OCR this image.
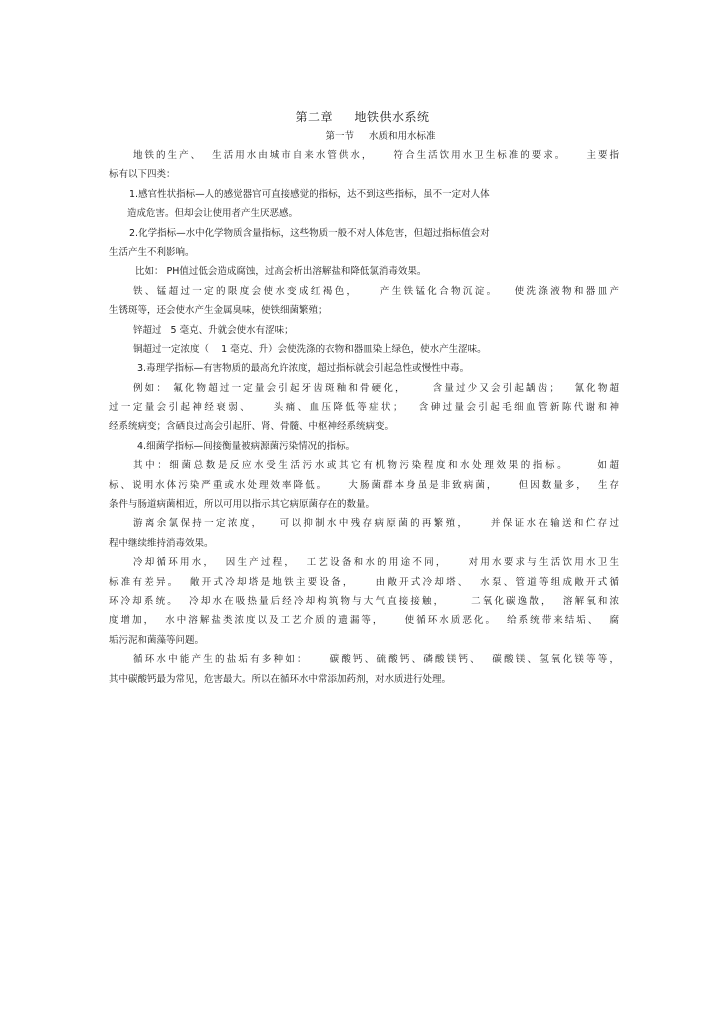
第二章     地铁供水系统
第一节     水质和用水标准
地铁的生产、  生活用水由城市自来水管供水，    符合生活饮用水卫生标准的要求。    主要指
标有以下四类：
1.感官性状指标—人的感觉器官可直接感觉的指标，达不到这些指标，虽不一定对人体
造成危害。但却会让使用者产生厌恶感。
2.化学指标—水中化学物质含量指标，这些物质一般不对人体危害，但超过指标值会对
生活产生不利影响。
比如： PH值过低会造成腐蚀，过高会析出溶解盐和降低氯消毒效果。
铁、锰超过一定的限度会使水变成红褐色，    产生铁锰化合物沉淀。   使洗涤液物和器皿产
生锈斑等，还会使水产生金属臭味，使铁细菌繁殖；
锌超过   5 毫克、升就会使水有涩味；
铜超过一定浓度（    1 毫克、升）会使洗涤的衣物和器皿染上绿色，使水产生涩味。
3.毒理学指标—有害物质的最高允许浓度，超过指标就会引起急性或慢性中毒。
例如： 氟化物超过一定量会引起牙齿斑釉和骨硬化，     含量过少又会引起龋齿；   氰化物超
过一定量会引起神经衰弱、    头痛、血压降低等症状；   含砷过量会引起毛细血管新陈代谢和神
经系统病变；含硒良过高会引起肝、肾、骨髓、中枢神经系统病变。
4.细菌学指标—间接衡量被病源菌污染情况的指标。
其中：细菌总数是反应水受生活污水或其它有机物污染程度和水处理效果的指标。     如超
标、说明水体污染严重或水处理效率降低。    大肠菌群本身虽是非致病菌，    但因数量多，  生存
条件与肠道病菌相近，所以可用以指示其它病原菌存在的数量。
游离余氯保持一定浓度，   可以抑制水中残存病原菌的再繁殖，    并保证水在输送和伫存过
程中继续维持消毒效果。
冷却循环用水，  因生产过程，  工艺设备和水的用途不同，    对用水要求与生活饮用水卫生
标准有差异。  敞开式冷却塔是地铁主要设备，    由敞开式冷却塔、  水泵、管道等组成敞开式循
环冷却系统。  冷却水在吸热量后经冷却构筑物与大气直接接触，     二氧化碳逸散，  溶解氧和浓
度增加，  水中溶解盐类浓度以及工艺介质的遗漏等，    使循环水质恶化。  给系统带来结垢、  腐
垢污泥和菌藻等问题。
循环水中能产生的盐垢有多种如：    碳酸钙、硫酸钙、磷酸镁钙、  碳酸镁、氢氧化镁等等，
其中碳酸钙最为常见，危害最大。所以在循环水中常添加药剂，对水质进行处理。
